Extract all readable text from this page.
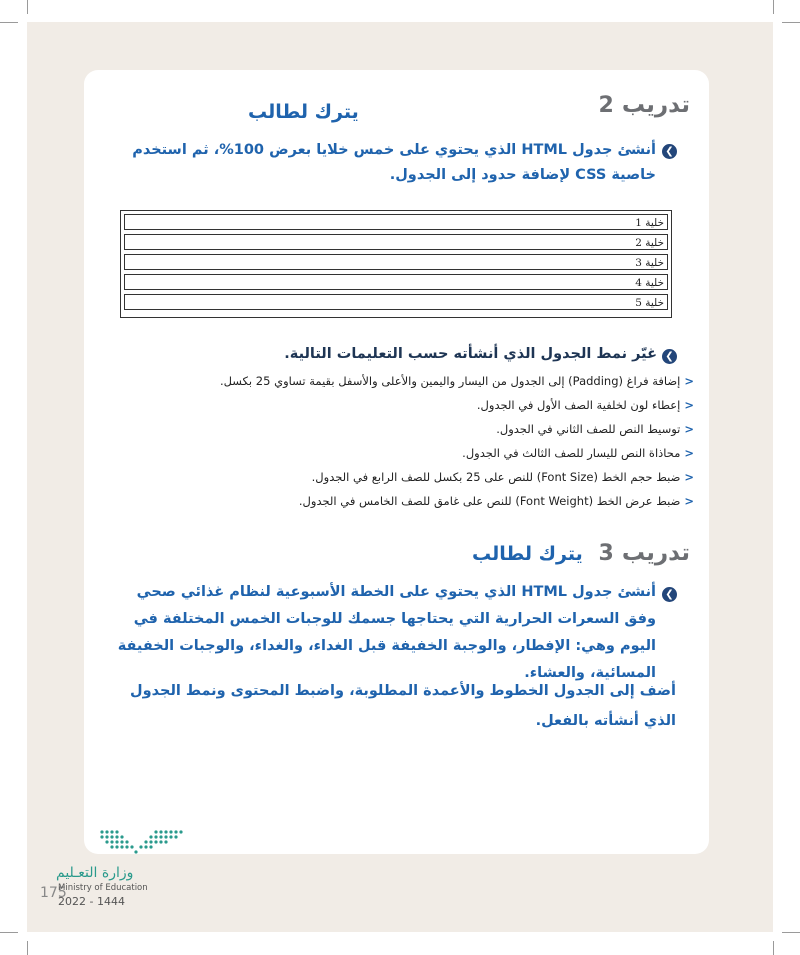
تدريب 2
يترك لطالب
❮
أنشئ جدول HTML الذي يحتوي على خمس خلايا بعرض 100%، ثم استخدم خاصية CSS لإضافة حدود إلى الجدول.
خلية 1
خلية 2
خلية 3
خلية 4
خلية 5
❮
غيّر نمط الجدول الذي أنشأته حسب التعليمات التالية.
<إضافة فراغ (Padding) إلى الجدول من اليسار واليمين والأعلى والأسفل بقيمة تساوي 25 بكسل.
<إعطاء لون لخلفية الصف الأول في الجدول.
<توسيط النص للصف الثاني في الجدول.
<محاذاة النص لليسار للصف الثالث في الجدول.
<ضبط حجم الخط (Font Size) للنص على 25 بكسل للصف الرابع في الجدول.
<ضبط عرض الخط (Font Weight) للنص على غامق للصف الخامس في الجدول.
تدريب 3
يترك لطالب
❮
أنشئ جدول HTML الذي يحتوي على الخطة الأسبوعية لنظام غذائي صحي وفق السعرات الحرارية التي يحتاجها جسمك للوجبات الخمس المختلفة في اليوم وهي: الإفطار، والوجبة الخفيفة قبل الغداء، والغداء، والوجبات الخفيفة المسائية، والعشاء.
أضف إلى الجدول الخطوط والأعمدة المطلوبة، واضبط المحتوى ونمط الجدول الذي أنشأته بالفعل.
وزارة التعـليم
175
Ministry of Education
2022 - 1444
